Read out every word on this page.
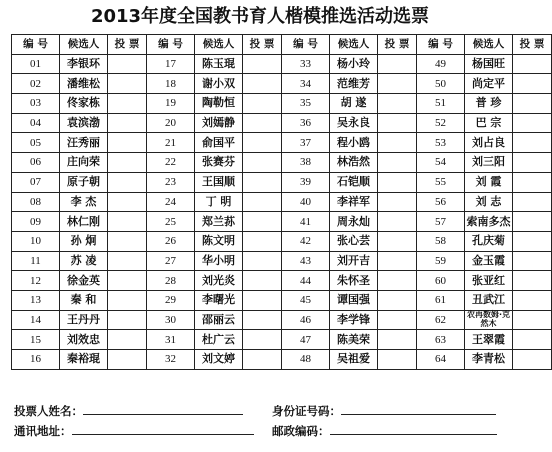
2013年度全国教书育人楷模推选活动选票
编 号	候选人	投 票	编 号	候选人	投 票	编 号	候选人	投 票	编 号	候选人	投 票
01	李银环		17	陈玉琨		33	杨小玲		49	杨国旺	
02	潘维松		18	谢小双		34	范维芳		50	尚定平	
03	佟家栋		19	陶勒恒		35	胡 遂		51	普 珍	
04	袁滨渤		20	刘嫣静		36	吴永良		52	巴 宗	
05	汪秀丽		21	俞国平		37	程小鸥		53	刘占良	
06	庄向荣		22	张赛芬		38	林浩然		54	刘三阳	
07	原子朝		23	王国顺		39	石铠顺		55	刘 霞	
08	李 杰		24	丁 明		40	李祥军		56	刘 志	
09	林仁刚		25	郑兰荪		41	周永灿		57	索南多杰	
10	孙 炯		26	陈文明		42	张心芸		58	孔庆菊	
11	苏 凌		27	华小明		43	刘开吉		59	金玉霞	
12	徐金英		28	刘光炎		44	朱怀圣		60	张亚红	
13	秦 和		29	李曙光		45	谭国强		61	丑武江	
14	王丹丹		30	邵丽云		46	李学锋		62	农再数姆·克然木	
15	刘效忠		31	杜广云		47	陈美荣		63	王翠霞	
16	秦裕琨		32	刘文婷		48	吴祖爱		64	李青松	
投票人姓名：	身份证号码：
通讯地址：	邮政编码：
